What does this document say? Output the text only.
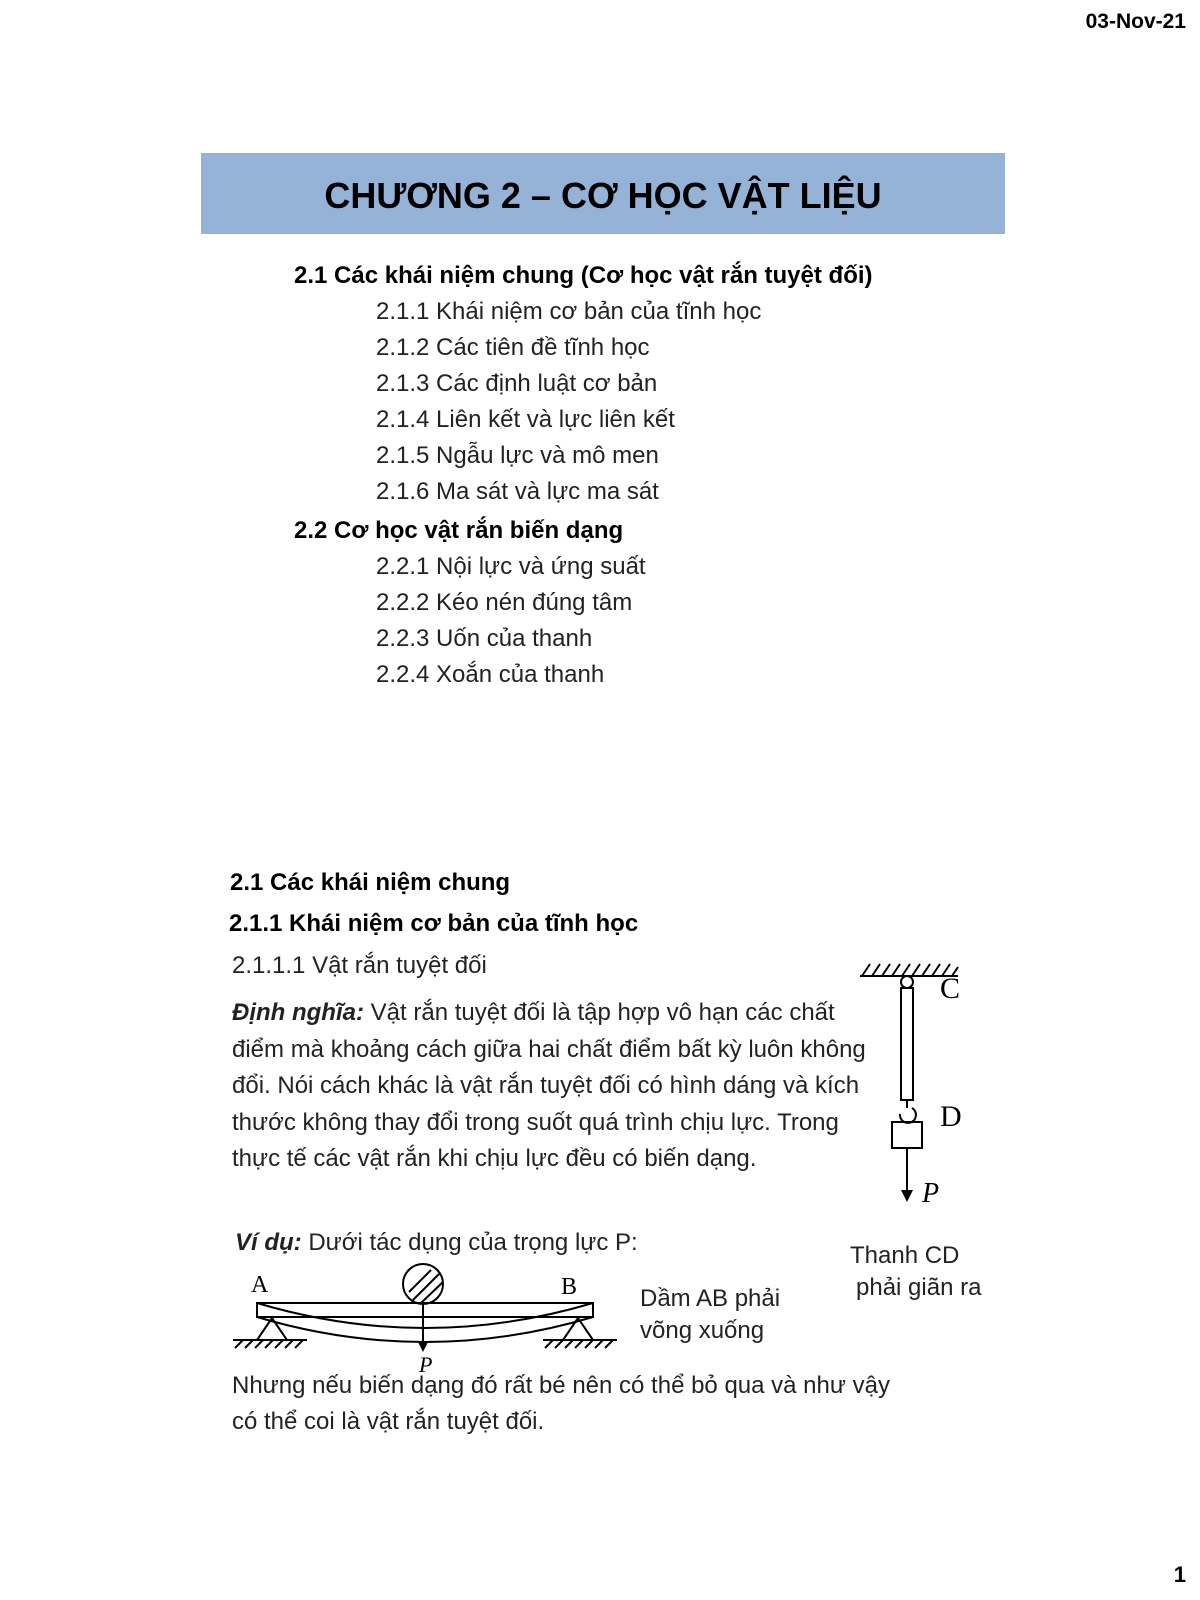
03-Nov-21
CHƯƠNG 2 – CƠ HỌC VẬT LIỆU
2.1 Các khái niệm chung (Cơ học vật rắn tuyệt đối)
2.1.1 Khái niệm cơ bản của tĩnh học
2.1.2 Các tiên đề tĩnh học
2.1.3 Các định luật cơ bản
2.1.4 Liên kết và lực liên kết
2.1.5 Ngẫu lực và mô men
2.1.6 Ma sát và lực ma sát
2.2 Cơ học vật rắn biến dạng
2.2.1 Nội lực và ứng suất
2.2.2 Kéo nén đúng tâm
2.2.3 Uốn của thanh
2.2.4 Xoắn của thanh
2.1 Các khái niệm chung
2.1.1 Khái niệm cơ bản của tĩnh học
2.1.1.1 Vật rắn tuyệt đối
Định nghĩa: Vật rắn tuyệt đối là tập hợp vô hạn các chất điểm mà khoảng cách giữa hai chất điểm bất kỳ luôn không đổi. Nói cách khác là vật rắn tuyệt đối có hình dáng và kích thước không thay đổi trong suốt quá trình chịu lực. Trong thực tế các vật rắn khi chịu lực đều có biến dạng.
Ví dụ: Dưới tác dụng của trọng lực P:
C
D
P
Thanh CD
phải giãn ra
A	B
P
Dầm AB phải
võng xuống
Nhưng nếu biến dạng đó rất bé nên có thể bỏ qua và như vậy
có thể coi là vật rắn tuyệt đối.
1
